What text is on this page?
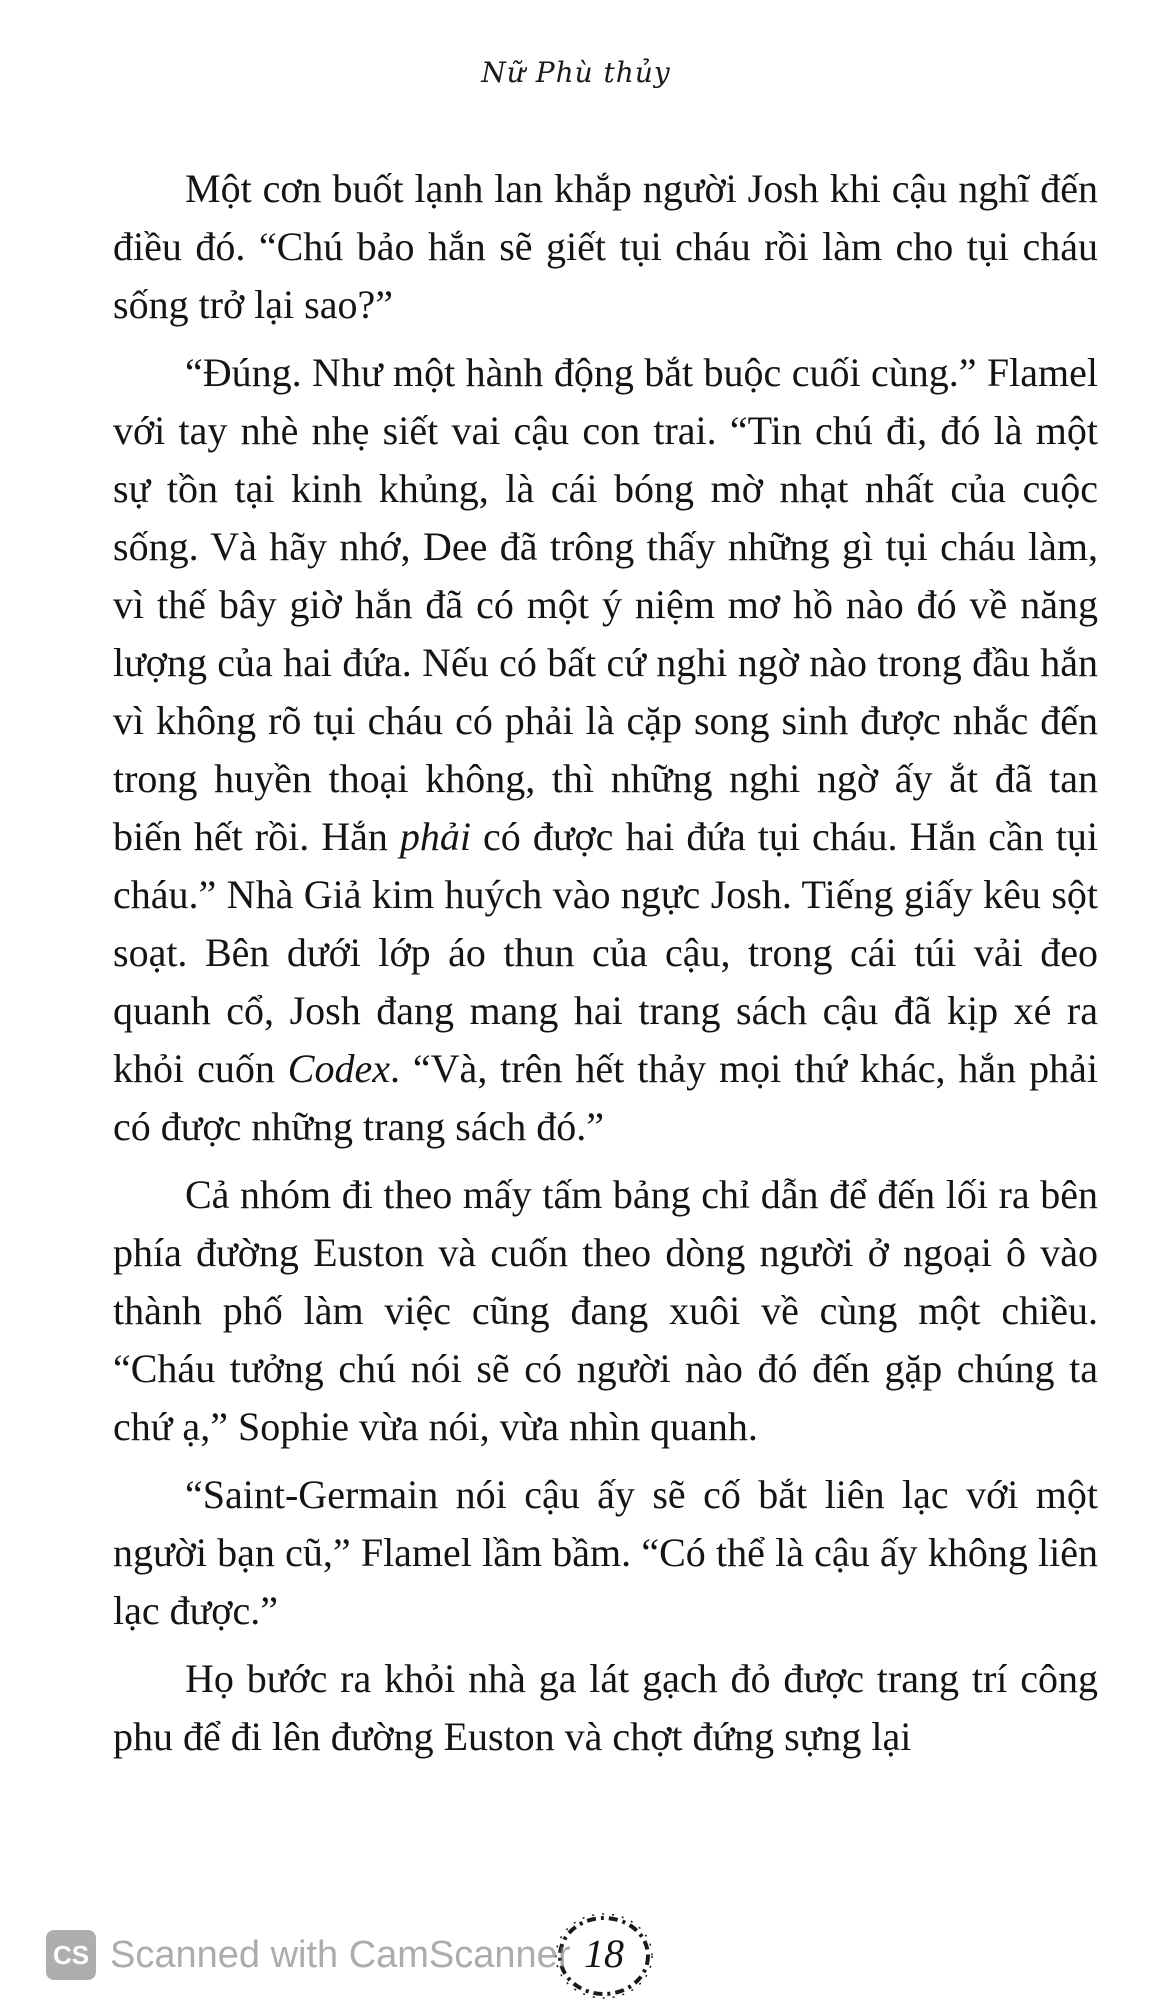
Nữ Phù thủy

Một cơn buốt lạnh lan khắp người Josh khi cậu nghĩ đến điều đó. “Chú bảo hắn sẽ giết tụi cháu rồi làm cho tụi cháu sống trở lại sao?”

“Đúng. Như một hành động bắt buộc cuối cùng.” Flamel với tay nhè nhẹ siết vai cậu con trai. “Tin chú đi, đó là một sự tồn tại kinh khủng, là cái bóng mờ nhạt nhất của cuộc sống. Và hãy nhớ, Dee đã trông thấy những gì tụi cháu làm, vì thế bây giờ hắn đã có một ý niệm mơ hồ nào đó về năng lượng của hai đứa. Nếu có bất cứ nghi ngờ nào trong đầu hắn vì không rõ tụi cháu có phải là cặp song sinh được nhắc đến trong huyền thoại không, thì những nghi ngờ ấy ắt đã tan biến hết rồi. Hắn phải có được hai đứa tụi cháu. Hắn cần tụi cháu.” Nhà Giả kim huých vào ngực Josh. Tiếng giấy kêu sột soạt. Bên dưới lớp áo thun của cậu, trong cái túi vải đeo quanh cổ, Josh đang mang hai trang sách cậu đã kịp xé ra khỏi cuốn Codex. “Và, trên hết thảy mọi thứ khác, hắn phải có được những trang sách đó.”

Cả nhóm đi theo mấy tấm bảng chỉ dẫn để đến lối ra bên phía đường Euston và cuốn theo dòng người ở ngoại ô vào thành phố làm việc cũng đang xuôi về cùng một chiều. “Cháu tưởng chú nói sẽ có người nào đó đến gặp chúng ta chứ ạ,” Sophie vừa nói, vừa nhìn quanh.

“Saint-Germain nói cậu ấy sẽ cố bắt liên lạc với một người bạn cũ,” Flamel lầm bầm. “Có thể là cậu ấy không liên lạc được.”

Họ bước ra khỏi nhà ga lát gạch đỏ được trang trí công phu để đi lên đường Euston và chợt đứng sựng lại

18
CS Scanned with CamScanner
